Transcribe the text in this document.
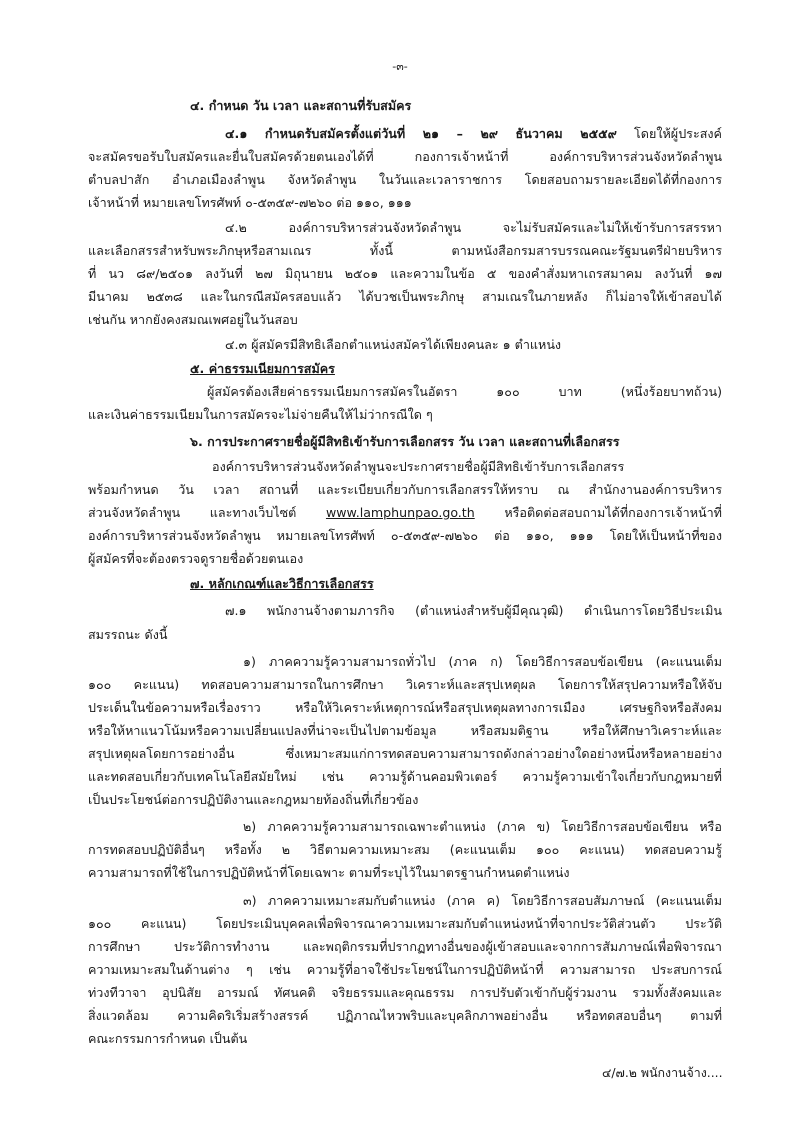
-๓-
๔. กำหนด วัน เวลา และสถานที่รับสมัคร
๔.๑ กำหนดรับสมัครตั้งแต่วันที่ ๒๑ – ๒๙ ธันวาคม ๒๕๕๙ โดยให้ผู้ประสงค์
จะสมัครขอรับใบสมัครและยื่นใบสมัครด้วยตนเองได้ที่ กองการเจ้าหน้าที่ องค์การบริหารส่วนจังหวัดลำพูน
ตำบลปาสัก อำเภอเมืองลำพูน จังหวัดลำพูน ในวันและเวลาราชการ โดยสอบถามรายละเอียดได้ที่กองการ
เจ้าหน้าที่ หมายเลขโทรศัพท์ ๐-๕๓๕๙-๗๒๖๐ ต่อ ๑๑๐, ๑๑๑
๔.๒ องค์การบริหารส่วนจังหวัดลำพูน จะไม่รับสมัครและไม่ให้เข้ารับการสรรหา
และเลือกสรรสำหรับพระภิกษุหรือสามเณร ทั้งนี้ ตามหนังสือกรมสารบรรณคณะรัฐมนตรีฝ่ายบริหาร
ที่ นว ๘๙/๒๕๐๑ ลงวันที่ ๒๗ มิถุนายน ๒๕๐๑ และความในข้อ ๕ ของคำสั่งมหาเถรสมาคม ลงวันที่ ๑๗
มีนาคม ๒๕๓๘ และในกรณีสมัครสอบแล้ว ได้บวชเป็นพระภิกษุ สามเณรในภายหลัง ก็ไม่อาจให้เข้าสอบได้
เช่นกัน หากยังคงสมณเพศอยู่ในวันสอบ
๔.๓ ผู้สมัครมีสิทธิเลือกตำแหน่งสมัครได้เพียงคนละ ๑ ตำแหน่ง
๕. ค่าธรรมเนียมการสมัคร
ผู้สมัครต้องเสียค่าธรรมเนียมการสมัครในอัตรา ๑๐๐ บาท (หนึ่งร้อยบาทถ้วน)
และเงินค่าธรรมเนียมในการสมัครจะไม่จ่ายคืนให้ไม่ว่ากรณีใด ๆ
๖. การประกาศรายชื่อผู้มีสิทธิเข้ารับการเลือกสรร วัน เวลา และสถานที่เลือกสรร
องค์การบริหารส่วนจังหวัดลำพูนจะประกาศรายชื่อผู้มีสิทธิเข้ารับการเลือกสรร
พร้อมกำหนด วัน เวลา สถานที่ และระเบียบเกี่ยวกับการเลือกสรรให้ทราบ ณ สำนักงานองค์การบริหาร
ส่วนจังหวัดลำพูน และทางเว็บไซต์ www.lamphunpao.go.th หรือติดต่อสอบถามได้ที่กองการเจ้าหน้าที่
องค์การบริหารส่วนจังหวัดลำพูน หมายเลขโทรศัพท์ ๐-๕๓๕๙-๗๒๖๐ ต่อ ๑๑๐, ๑๑๑ โดยให้เป็นหน้าที่ของ
ผู้สมัครที่จะต้องตรวจดูรายชื่อด้วยตนเอง
๗. หลักเกณฑ์และวิธีการเลือกสรร
๗.๑ พนักงานจ้างตามภารกิจ (ตำแหน่งสำหรับผู้มีคุณวุฒิ) ดำเนินการโดยวิธีประเมิน
สมรรถนะ ดังนี้
๑) ภาคความรู้ความสามารถทั่วไป (ภาค ก) โดยวิธีการสอบข้อเขียน (คะแนนเต็ม
๑๐๐ คะแนน) ทดสอบความสามารถในการศึกษา วิเคราะห์และสรุปเหตุผล โดยการให้สรุปความหรือให้จับ
ประเด็นในข้อความหรือเรื่องราว หรือให้วิเคราะห์เหตุการณ์หรือสรุปเหตุผลทางการเมือง เศรษฐกิจหรือสังคม
หรือให้หาแนวโน้มหรือความเปลี่ยนแปลงที่น่าจะเป็นไปตามข้อมูล หรือสมมติฐาน หรือให้ศึกษาวิเคราะห์และ
สรุปเหตุผลโดยการอย่างอื่น ซึ่งเหมาะสมแก่การทดสอบความสามารถดังกล่าวอย่างใดอย่างหนึ่งหรือหลายอย่าง
และทดสอบเกี่ยวกับเทคโนโลยีสมัยใหม่ เช่น ความรู้ด้านคอมพิวเตอร์ ความรู้ความเข้าใจเกี่ยวกับกฎหมายที่
เป็นประโยชน์ต่อการปฏิบัติงานและกฎหมายท้องถิ่นที่เกี่ยวข้อง
๒) ภาคความรู้ความสามารถเฉพาะตำแหน่ง (ภาค ข) โดยวิธีการสอบข้อเขียน หรือ
การทดสอบปฏิบัติอื่นๆ หรือทั้ง ๒ วิธีตามความเหมาะสม (คะแนนเต็ม ๑๐๐ คะแนน) ทดสอบความรู้
ความสามารถที่ใช้ในการปฏิบัติหน้าที่โดยเฉพาะ ตามที่ระบุไว้ในมาตรฐานกำหนดตำแหน่ง
๓) ภาคความเหมาะสมกับตำแหน่ง (ภาค ค) โดยวิธีการสอบสัมภาษณ์ (คะแนนเต็ม
๑๐๐ คะแนน) โดยประเมินบุคคลเพื่อพิจารณาความเหมาะสมกับตำแหน่งหน้าที่จากประวัติส่วนตัว ประวัติ
การศึกษา ประวัติการทำงาน และพฤติกรรมที่ปรากฏทางอื่นของผู้เข้าสอบและจากการสัมภาษณ์เพื่อพิจารณา
ความเหมาะสมในด้านต่าง ๆ เช่น ความรู้ที่อาจใช้ประโยชน์ในการปฏิบัติหน้าที่ ความสามารถ ประสบการณ์
ท่วงทีวาจา อุปนิสัย อารมณ์ ทัศนคติ จริยธรรมและคุณธรรม การปรับตัวเข้ากับผู้ร่วมงาน รวมทั้งสังคมและ
สิ่งแวดล้อม ความคิดริเริ่มสร้างสรรค์ ปฏิภาณไหวพริบและบุคลิกภาพอย่างอื่น หรือทดสอบอื่นๆ ตามที่
คณะกรรมการกำหนด เป็นต้น
๔/๗.๒ พนักงานจ้าง....
